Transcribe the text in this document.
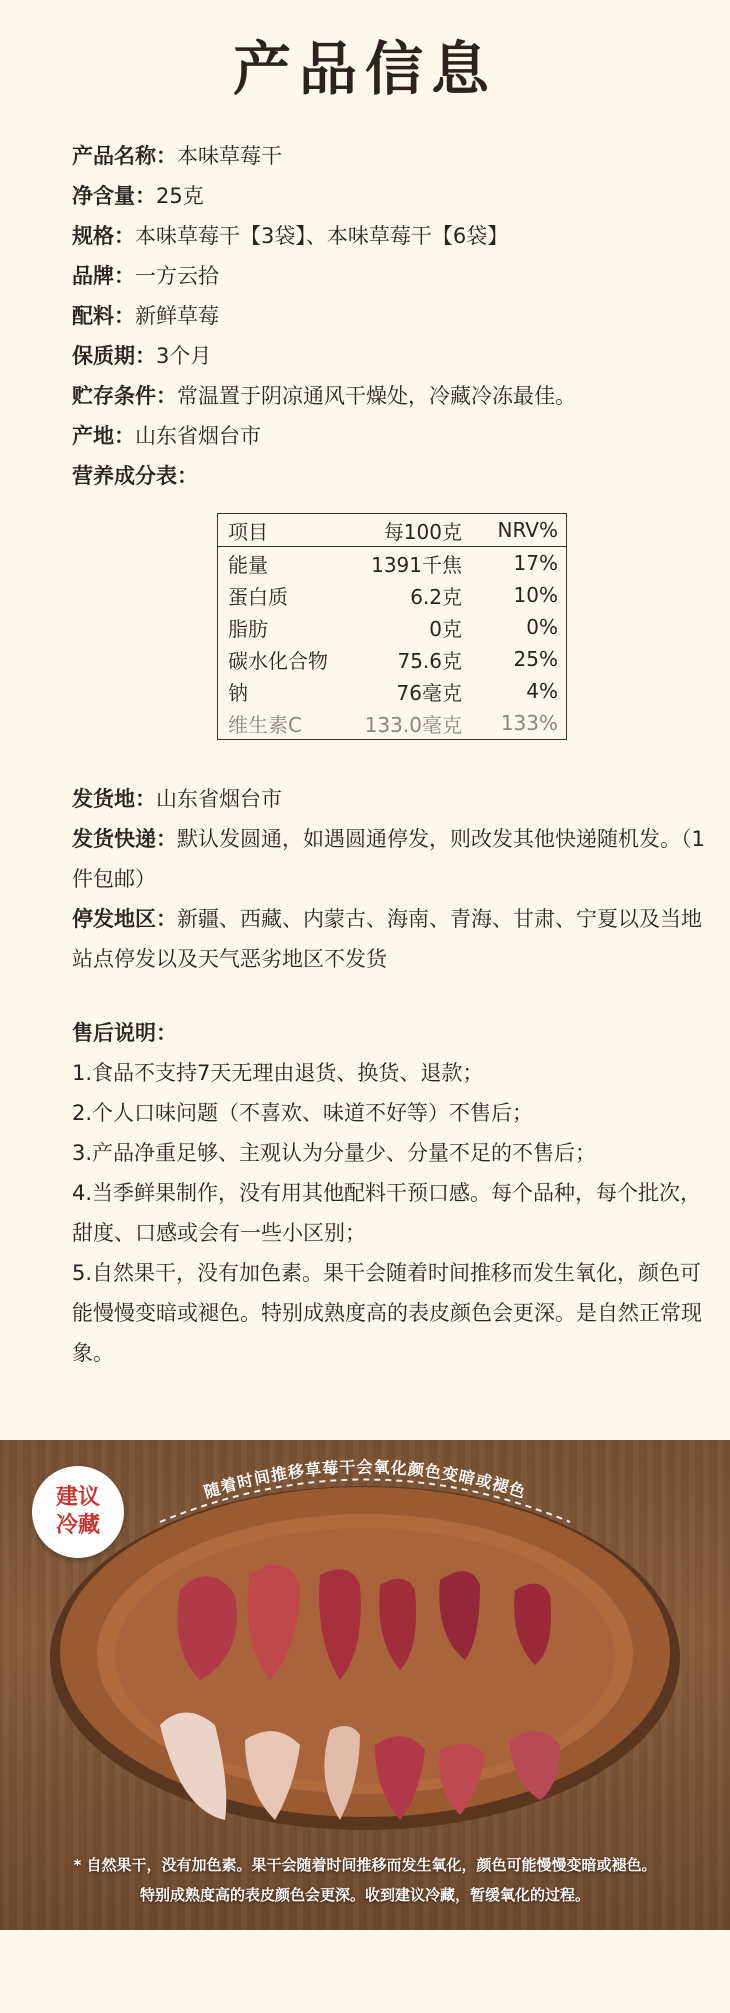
产品信息
产品名称：本味草莓干
净含量：25克
规格：本味草莓干【3袋】、本味草莓干【6袋】
品牌：一方云拾
配料：新鲜草莓
保质期：3个月
贮存条件：常温置于阴凉通风干燥处，冷藏冷冻最佳。
产地：山东省烟台市
营养成分表：
项目	每100克	NRV%
能量	1391千焦	17%
蛋白质	6.2克	10%
脂肪	0克	0%
碳水化合物	75.6克	25%
钠	76毫克	4%
维生素C	133.0毫克	133%
发货地：山东省烟台市
发货快递：默认发圆通，如遇圆通停发，则改发其他快递随机发。（1件包邮）
停发地区：新疆、西藏、内蒙古、海南、青海、甘肃、宁夏以及当地站点停发以及天气恶劣地区不发货
售后说明：
1.食品不支持7天无理由退货、换货、退款；
2.个人口味问题（不喜欢、味道不好等）不售后；
3.产品净重足够、主观认为分量少、分量不足的不售后；
4.当季鲜果制作，没有用其他配料干预口感。每个品种，每个批次，甜度、口感或会有一些小区别；
5.自然果干，没有加色素。果干会随着时间推移而发生氧化，颜色可能慢慢变暗或褪色。特别成熟度高的表皮颜色会更深。是自然正常现象。
随着时间推移草莓干会氧化颜色变暗或褪色
建议
冷藏
* 自然果干，没有加色素。果干会随着时间推移而发生氧化，颜色可能慢慢变暗或褪色。
特别成熟度高的表皮颜色会更深。收到建议冷藏，暂缓氧化的过程。
